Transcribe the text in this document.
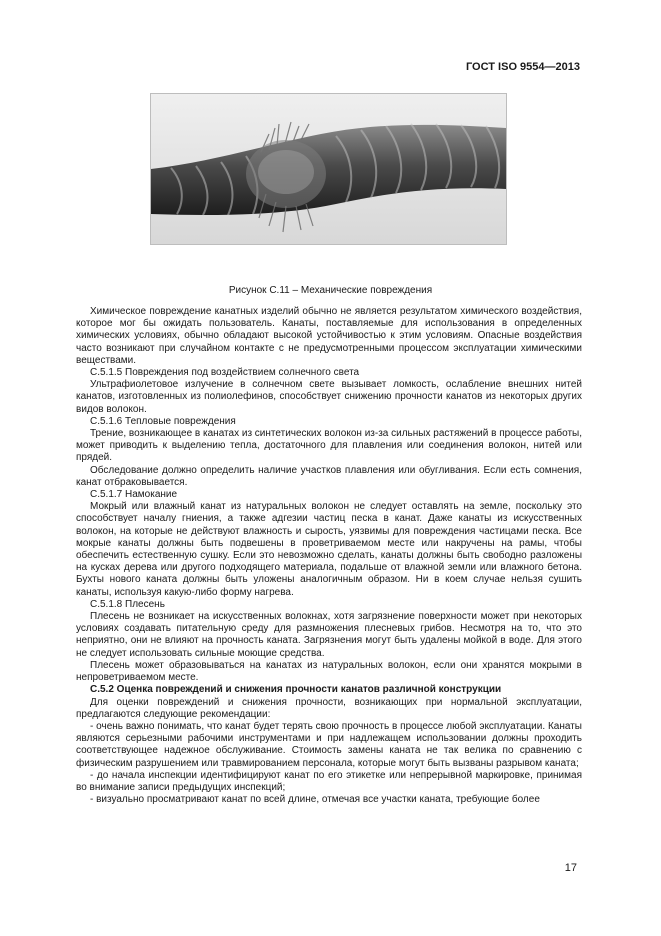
ГОСТ ISO 9554—2013
Рисунок С.11 – Механические повреждения

Химическое повреждение канатных изделий обычно не является результатом химического воздействия, которое мог бы ожидать пользователь. Канаты, поставляемые для использования в определенных химических условиях, обычно обладают высокой устойчивостью к этим условиям. Опасные воздействия часто возникают при случайном контакте с не предусмотренными процессом эксплуатации химическими веществами.

С.5.1.5 Повреждения под воздействием солнечного света

Ультрафиолетовое излучение в солнечном свете вызывает ломкость, ослабление внешних нитей канатов, изготовленных из полиолефинов, способствует снижению прочности канатов из некоторых других видов волокон.

С.5.1.6 Тепловые повреждения

Трение, возникающее в канатах из синтетических волокон из-за сильных растяжений в процессе работы, может приводить к выделению тепла, достаточного для плавления или соединения волокон, нитей или прядей.

Обследование должно определить наличие участков плавления или обугливания. Если есть сомнения, канат отбраковывается.

С.5.1.7 Намокание

Мокрый или влажный канат из натуральных волокон не следует оставлять на земле, поскольку это способствует началу гниения, а также адгезии частиц песка в канат. Даже канаты из искусственных волокон, на которые не действуют влажность и сырость, уязвимы для повреждения частицами песка. Все мокрые канаты должны быть подвешены в проветриваемом месте или накручены на рамы, чтобы обеспечить естественную сушку. Если это невозможно сделать, канаты должны быть свободно разложены на кусках дерева или другого подходящего материала, подальше от влажной земли или влажного бетона. Бухты нового каната должны быть уложены аналогичным образом. Ни в коем случае нельзя сушить канаты, используя какую-либо форму нагрева.

С.5.1.8 Плесень

Плесень не возникает на искусственных волокнах, хотя загрязнение поверхности может при некоторых условиях создавать питательную среду для размножения плесневых грибов. Несмотря на то, что это неприятно, они не влияют на прочность каната. Загрязнения могут быть удалены мойкой в воде. Для этого не следует использовать сильные моющие средства.

Плесень может образовываться на канатах из натуральных волокон, если они хранятся мокрыми в непроветриваемом месте.

С.5.2 Оценка повреждений и снижения прочности канатов различной конструкции

Для оценки повреждений и снижения прочности, возникающих при нормальной эксплуатации, предлагаются следующие рекомендации:

- очень важно понимать, что канат будет терять свою прочность в процессе любой эксплуатации. Канаты являются серьезными рабочими инструментами и при надлежащем использовании должны проходить соответствующее надежное обслуживание. Стоимость замены каната не так велика по сравнению с физическим разрушением или травмированием персонала, которые могут быть вызваны разрывом каната;

- до начала инспекции идентифицируют канат по его этикетке или непрерывной маркировке, принимая во внимание записи предыдущих инспекций;

- визуально просматривают канат по всей длине, отмечая все участки каната, требующие более

17
